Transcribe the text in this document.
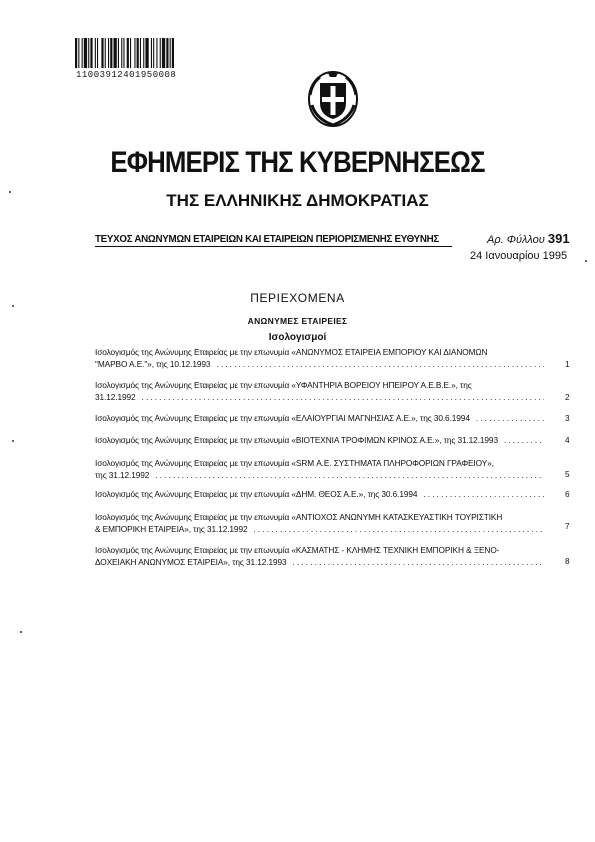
11003912401950008
ΕΦΗΜΕΡΙΣ ΤΗΣ ΚΥΒΕΡΝΗΣΕΩΣ
ΤΗΣ ΕΛΛΗΝΙΚΗΣ ΔΗΜΟΚΡΑΤΙΑΣ
ΤΕΥΧΟΣ ΑΝΩΝΥΜΩΝ ΕΤΑΙΡΕΙΩΝ ΚΑΙ ΕΤΑΙΡΕΙΩΝ ΠΕΡΙΟΡΙΣΜΕΝΗΣ ΕΥΘΥΝΗΣ	Αρ. Φύλλου 391
24 Ιανουαρίου 1995
ΠΕΡΙΕΧΟΜΕΝΑ
ΑΝΩΝΥΜΕΣ ΕΤΑΙΡΕΙΕΣ
Ισολογισμοί
Ισολογισμός της Ανώνυμης Εταιρείας με την επωνυμία «ΑΝΩΝΥΜΟΣ ΕΤΑΙΡΕΙΑ ΕΜΠΟΡΙΟΥ ΚΑΙ ΔΙΑΝΟΜΩΝ
"ΜΑΡΒΟ Α.Ε."», της 10.12.1993 . . .	1
Ισολογισμός της Ανώνυμης Εταιρείας με την επωνυμία «ΥΦΑΝΤΗΡΙΑ ΒΟΡΕΙΟΥ ΗΠΕΙΡΟΥ Α.Ε.Β.Ε.», της
31.12.1992 . . .	2
Ισολογισμός της Ανώνυμης Εταιρείας με την επωνυμία «ΕΛΑΙΟΥΡΓΙΑΙ ΜΑΓΝΗΣΙΑΣ Α.Ε.», της 30.6.1994 . . .	3
Ισολογισμός της Ανώνυμης Εταιρείας με την επωνυμία «ΒΙΟΤΕΧΝΙΑ ΤΡΟΦΙΜΩΝ ΚΡΙΝΟΣ Α.Ε.», της 31.12.1993 . . .	4
Ισολογισμός της Ανώνυμης Εταιρείας με την επωνυμία «SRM Α.Ε. ΣΥΣΤΗΜΑΤΑ ΠΛΗΡΟΦΟΡΙΩΝ ΓΡΑΦΕΙΟΥ»,
της 31.12.1992 . . .	5
Ισολογισμός της Ανώνυμης Εταιρείας με την επωνυμία «ΔΗΜ. ΘΕΟΣ Α.Ε.», της 30.6.1994 . . .	6
Ισολογισμός της Ανώνυμης Εταιρείας με την επωνυμία «ΑΝΤΙΟΧΟΣ ΑΝΩΝΥΜΗ ΚΑΤΑΣΚΕΥΑΣΤΙΚΗ ΤΟΥΡΙΣΤΙΚΗ
& ΕΜΠΟΡΙΚΗ ΕΤΑΙΡΕΙΑ», της 31.12.1992 . . .	7
Ισολογισμός της Ανώνυμης Εταιρείας με την επωνυμία «ΚΑΣΜΑΤΗΣ - ΚΛΗΜΗΣ ΤΕΧΝΙΚΗ ΕΜΠΟΡΙΚΗ & ΞΕΝΟ-
ΔΟΧΕΙΑΚΗ ΑΝΩΝΥΜΟΣ ΕΤΑΙΡΕΙΑ», της 31.12.1993 . . .	8
